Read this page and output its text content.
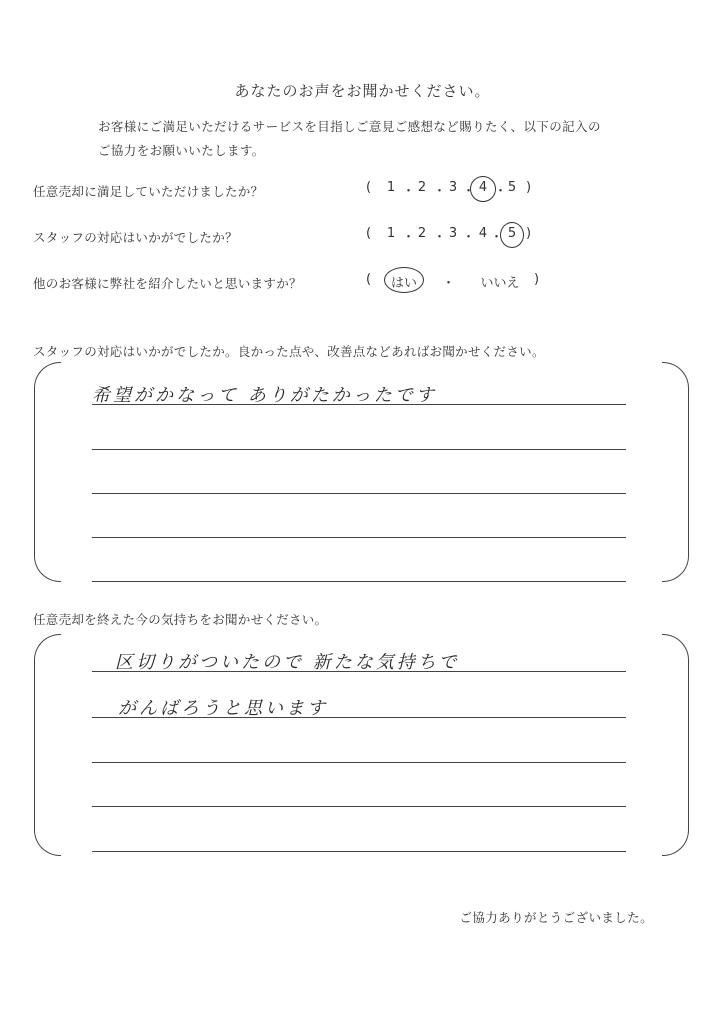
あなたのお声をお聞かせください。
お客様にご満足いただけるサービスを目指しご意見ご感想など賜りたく、以下の記入の
ご協力をお願いいたします。
任意売却に満足していただけましたか？	( 1 ・ 2 ・ 3 ・ 4 ・ 5 )
スタッフの対応はいかがでしたか？	( 1 ・ 2 ・ 3 ・ 4 ・ 5 )
他のお客様に弊社を紹介したいと思いますか？	( はい ・ いいえ )
スタッフの対応はいかがでしたか。良かった点や、改善点などあればお聞かせください。
希望がかなって ありがたかったです
任意売却を終えた今の気持ちをお聞かせください。
区切りがついたので 新たな気持ちで
がんばろうと思います
ご協力ありがとうございました。
